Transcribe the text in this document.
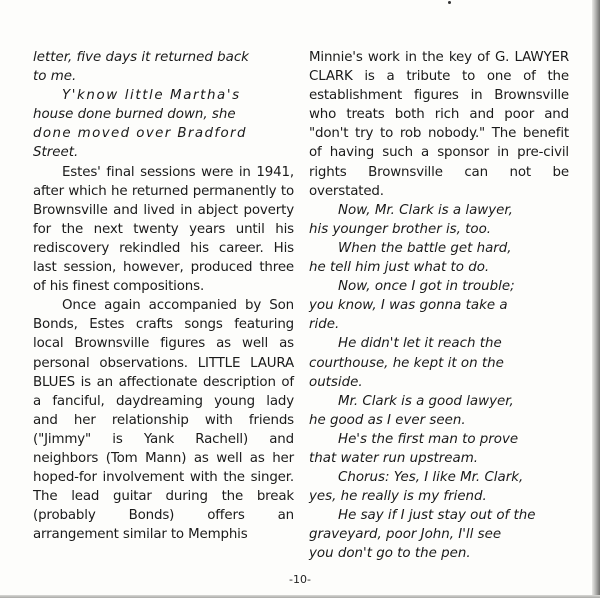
letter, five days it returned back

to me.

Y'know little Martha's

house done burned down, she

done moved over Bradford

Street.

Estes' final sessions were in 1941, after which he returned permanently to Brownsville and lived in abject poverty for the next twenty years until his rediscovery rekindled his career. His last session, however, produced three of his finest compositions.

Once again accompanied by Son Bonds, Estes crafts songs featuring local Brownsville figures as well as personal observations. LITTLE LAURA BLUES is an affectionate description of a fanciful, daydreaming young lady and her relationship with friends ("Jimmy" is Yank Rachell) and neighbors (Tom Mann) as well as her hoped-for involvement with the singer. The lead guitar during the break (probably Bonds) offers an arrangement similar to Memphis

Minnie's work in the key of G. LAWYER CLARK is a tribute to one of the establishment figures in Brownsville who treats both rich and poor and "don't try to rob nobody." The benefit of having such a sponsor in pre-civil rights Brownsville can not be overstated.

Now, Mr. Clark is a lawyer,

his younger brother is, too.

When the battle get hard,

he tell him just what to do.

Now, once I got in trouble;

you know, I was gonna take a

ride.

He didn't let it reach the

courthouse, he kept it on the

outside.

Mr. Clark is a good lawyer,

he good as I ever seen.

He's the first man to prove

that water run upstream.

Chorus: Yes, I like Mr. Clark,

yes, he really is my friend.

He say if I just stay out of the

graveyard, poor John, I'll see

you don't go to the pen.

-10-
